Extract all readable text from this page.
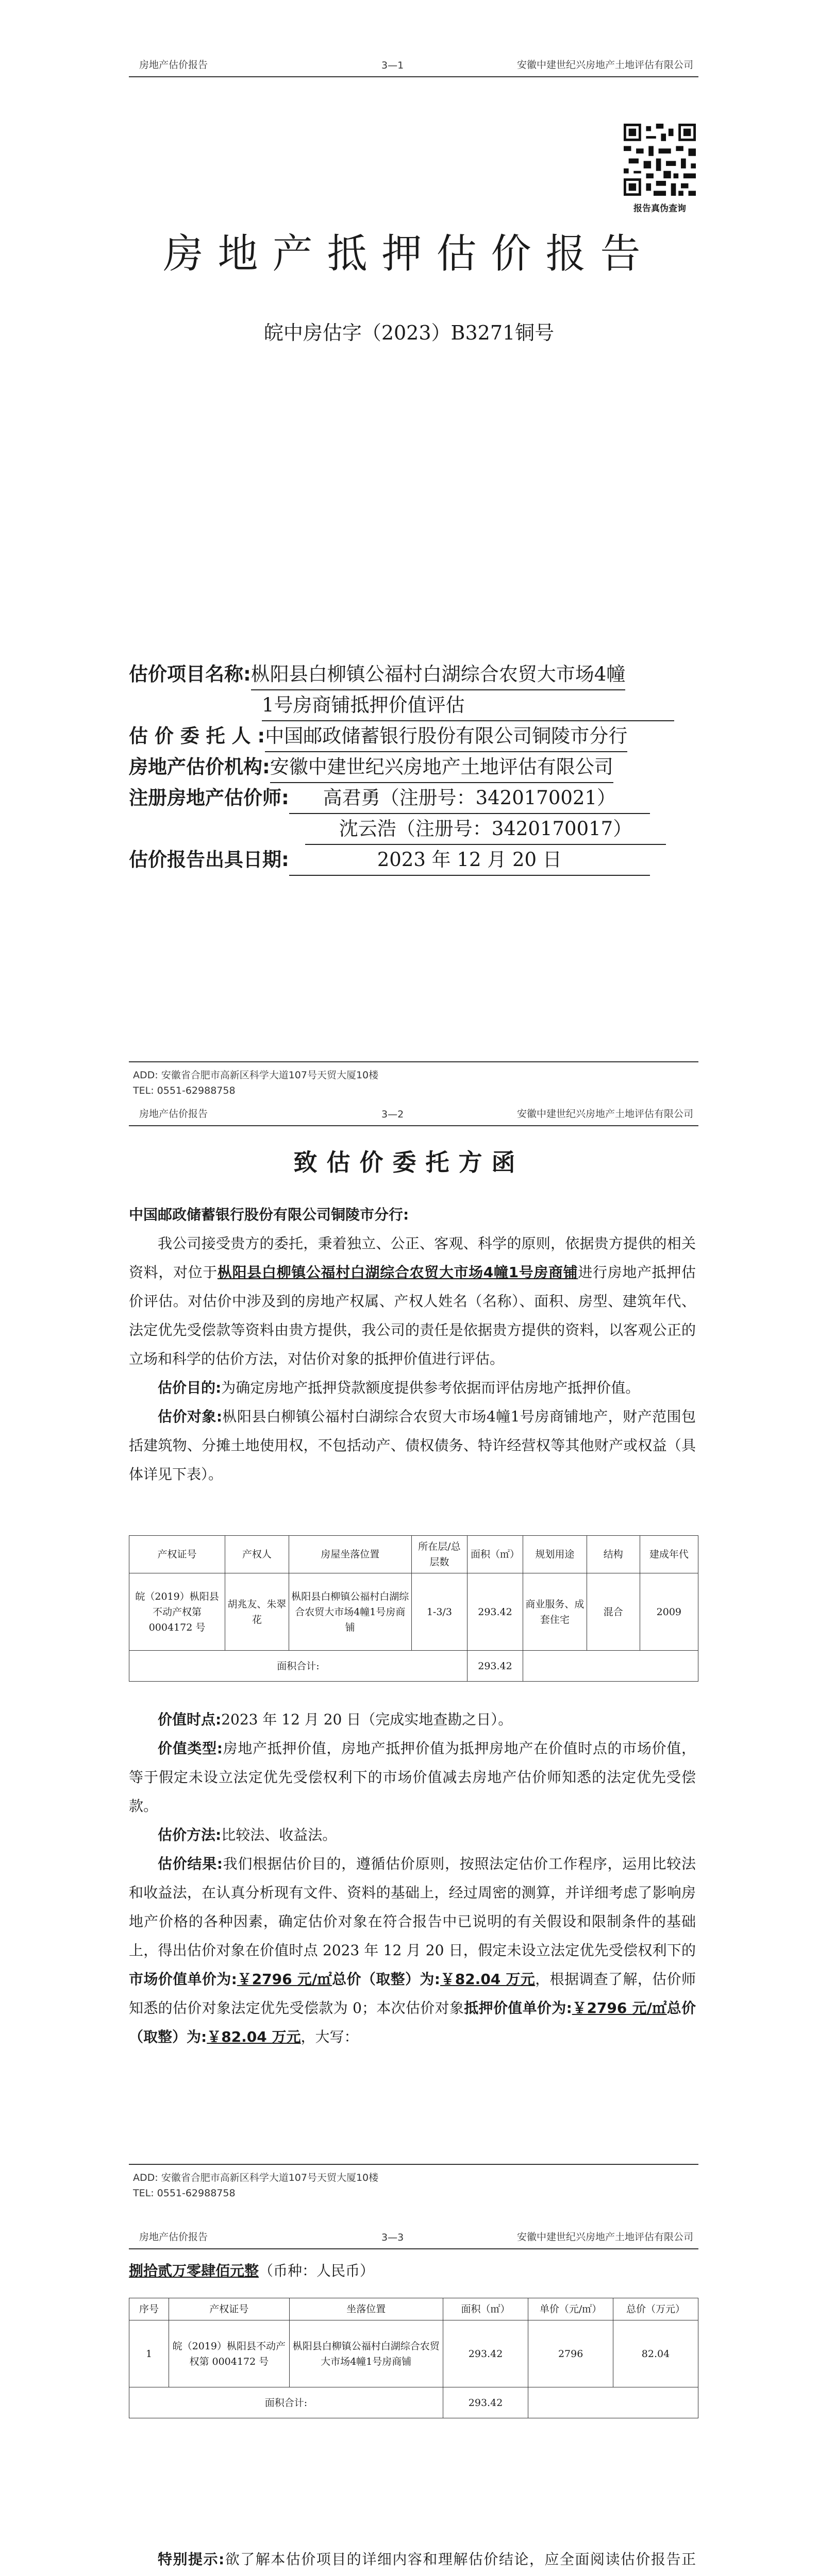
房地产估价报告	3—1	安徽中建世纪兴房地产土地评估有限公司
报告真伪查询
房地产抵押估价报告
皖中房估字（2023）B3271铜号
估价项目名称:枞阳县白柳镇公福村白湖综合农贸大市场4幢
1号房商铺抵押价值评估
估 价 委 托 人 :中国邮政储蓄银行股份有限公司铜陵市分行
房地产估价机构:安徽中建世纪兴房地产土地评估有限公司
注册房地产估价师: 高君勇（注册号：3420170021）
沈云浩（注册号：3420170017）
估价报告出具日期:	2023 年 12 月 20 日
ADD: 安徽省合肥市高新区科学大道107号天贸大厦10楼
TEL: 0551-62988758
房地产估价报告	3—2	安徽中建世纪兴房地产土地评估有限公司
致估价委托方函
中国邮政储蓄银行股份有限公司铜陵市分行:
我公司接受贵方的委托，秉着独立、公正、客观、科学的原则，依据贵方提供的相关资料，对位于枞阳县白柳镇公福村白湖综合农贸大市场4幢1号房商铺进行房地产抵押估价评估。对估价中涉及到的房地产权属、产权人姓名（名称）、面积、房型、建筑年代、法定优先受偿款等资料由贵方提供，我公司的责任是依据贵方提供的资料，以客观公正的立场和科学的估价方法，对估价对象的抵押价值进行评估。
估价目的:为确定房地产抵押贷款额度提供参考依据而评估房地产抵押价值。
估价对象:枞阳县白柳镇公福村白湖综合农贸大市场4幢1号房商铺地产，财产范围包括建筑物、分摊土地使用权，不包括动产、债权债务、特许经营权等其他财产或权益（具体详见下表）。
产权证号	产权人	房屋坐落位置	所在层/总层数	面积（㎡）	规划用途	结构	建成年代
皖（2019）枞阳县不动产权第 0004172 号	胡兆友、朱翠花	枞阳县白柳镇公福村白湖综合农贸大市场4幢1号房商铺	1-3/3	293.42	商业服务、成套住宅	混合	2009
面积合计:				293.42			
价值时点:2023 年 12 月 20 日（完成实地查勘之日）。
价值类型:房地产抵押价值，房地产抵押价值为抵押房地产在价值时点的市场价值，等于假定未设立法定优先受偿权利下的市场价值减去房地产估价师知悉的法定优先受偿款。
估价方法:比较法、收益法。
估价结果:我们根据估价目的，遵循估价原则，按照法定估价工作程序，运用比较法和收益法，在认真分析现有文件、资料的基础上，经过周密的测算，并详细考虑了影响房地产价格的各种因素，确定估价对象在符合报告中已说明的有关假设和限制条件的基础上，得出估价对象在价值时点 2023 年 12 月 20 日，假定未设立法定优先受偿权利下的市场价值单价为:￥2796 元/㎡总价（取整）为:￥82.04 万元，根据调查了解，估价师知悉的估价对象法定优先受偿款为 0；本次估价对象抵押价值单价为:￥2796 元/㎡总价（取整）为:￥82.04 万元，大写：
ADD: 安徽省合肥市高新区科学大道107号天贸大厦10楼
TEL: 0551-62988758
房地产估价报告	3—3	安徽中建世纪兴房地产土地评估有限公司
捌拾贰万零肆佰元整（币种：人民币）
序号	产权证号	坐落位置	面积（㎡）	单价（元/㎡）	总价（万元）
1	皖（2019）枞阳县不动产权第 0004172 号	枞阳县白柳镇公福村白湖综合农贸大市场4幢1号房商铺	293.42	2796	82.04
面积合计:			293.42		
特别提示:欲了解本估价项目的详细内容和理解估价结论，应全面阅读估价报告正
